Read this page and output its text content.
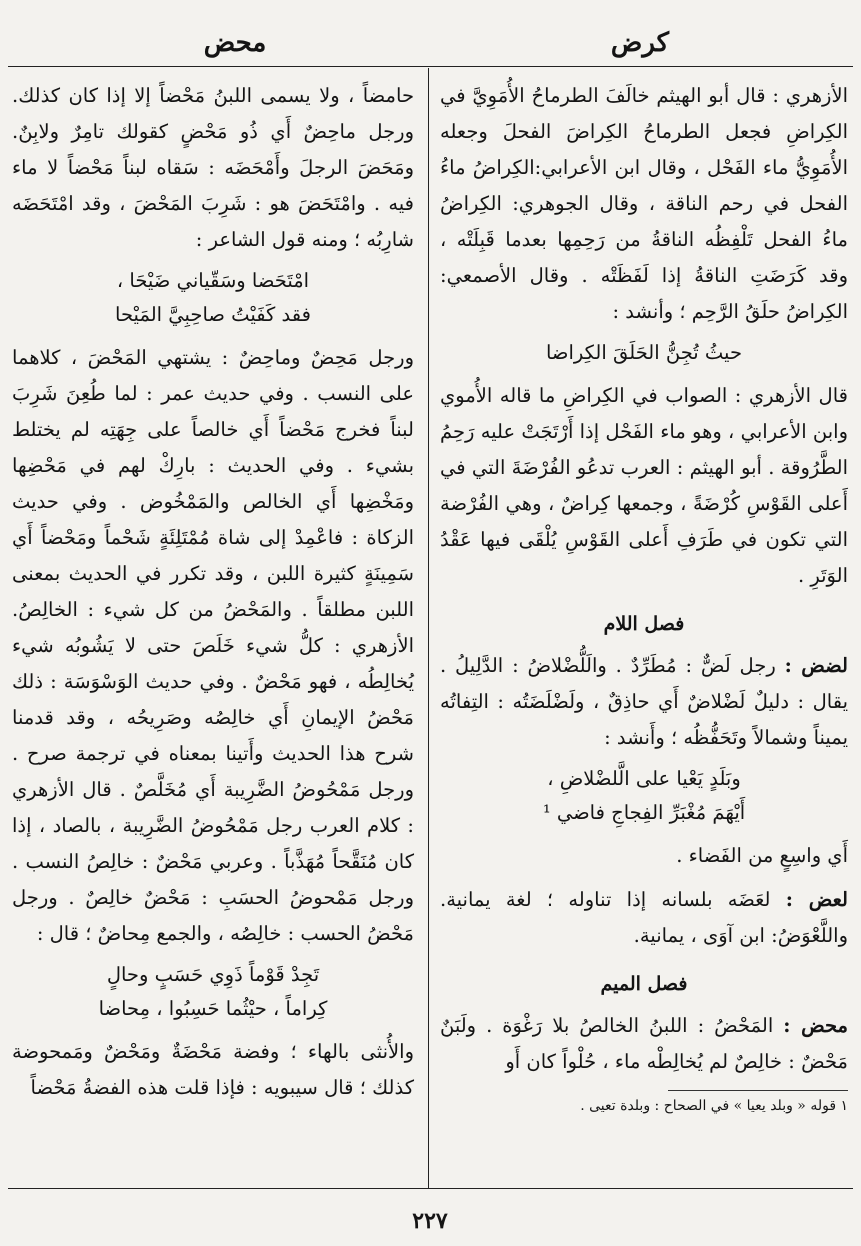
كرض
محض

الأزهري : قال أبو الهيثم خالَفَ الطرماحُ الأُمَوِيَّ في الكِراضِ فجعل الطرماحُ الكِراضَ الفحلَ وجعله الأُمَوِيُّ ماء الفَحْل ، وقال ابن الأعرابي:الكِراضُ ماءُ الفحل في رحم الناقة ، وقال الجوهري: الكِراضُ ماءُ الفحل تَلْفِظُه الناقةُ من رَحِمِها بعدما قَبِلَتْه ، وقد كَرَضَتِ الناقةُ إذا لَفَظَتْه . وقال الأصمعي: الكِراضُ حلَقُ الرَّحِم ؛ وأنشد :

حيثُ تُجِنُّ الحَلَقَ الكِراضا

قال الأزهري : الصواب في الكِراضِ ما قاله الأُموي وابن الأعرابي ، وهو ماء الفَحْل إذا أَرْتَجَتْ عليه رَحِمُ الطَّرُوقة . أبو الهيثم : العرب تدعُو الفُرْضَةَ التي في أَعلى القَوْسِ كُرْضَةً ، وجمعها كِراضٌ ، وهي الفُرْضة التي تكون في طَرَفِ أَعلى القَوْسِ يُلْقَى فيها عَقْدُ الوَتَرِ .

فصل اللام

لضض : رجل لَضٌّ : مُطَرِّدٌ . والَلُّضْلاضُ : الدَّلِيلُ . يقال : دليلٌ لَضْلاضٌ أَي حاذِقٌ ، ولَضْلَضَتُه : التِفاتُه يميناً وشمالاً وتَحَفُّظُه ؛ وأَنشد :

وبَلَدٍ يَعْيا على الَّلضْلاضِ ،
أَيْهَمَ مُغْبَرِّ الفِجاجِ فاضي ¹

أَي واسِعٍ من الفَضاء .

لعض : لعَضَه بلسانه إذا تناوله ؛ لغة يمانية. واللَّعْوَضُ: ابن آوَى ، يمانية.

فصل الميم

محض : المَحْضُ : اللبنُ الخالصُ بلا رَغْوَة . ولَبَنٌ مَحْضٌ : خالِصٌ لم يُخالِطْه ماء ، حُلْواً كان أَو

١ قوله « وبلد يعيا » في الصحاح : وبلدة تعيى .

حامضاً ، ولا يسمى اللبنُ مَحْضاً إلا إذا كان كذلك. ورجل ماحِضٌ أَي ذُو مَحْضٍ كقولك تامِرٌ ولابِنٌ. ومَحَضَ الرجلَ وأَمْحَضَه : سَقاه لبناً مَحْضاً لا ماء فيه . وامْتَحَضَ هو : شَرِبَ المَحْضَ ، وقد امْتَحَضَه شارِبُه ؛ ومنه قول الشاعر :

امْتَحَضا وسَقّياني ضَيْحَا ،
فقد كَفَيْتُ صاحِبِيَّ المَيْحا

ورجل مَحِضٌ وماحِضٌ : يشتهي المَحْضَ ، كلاهما على النسب . وفي حديث عمر : لما طُعِنَ شَرِبَ لبناً فخرج مَحْضاً أَي خالصاً على جِهَتِه لم يختلط بشيء . وفي الحديث : بارِكْ لهم في مَحْضِها ومَخْضِها أَي الخالص والمَمْخُوض . وفي حديث الزكاة : فاعْمِدْ إلى شاة مُمْتَلِئَةٍ شَحْماً ومَحْضاً أَي سَمِينَةٍ كثيرة اللبن ، وقد تكرر في الحديث بمعنى اللبن مطلقاً . والمَحْضُ من كل شيء : الخالِصُ. الأزهري : كلُّ شيء خَلَصَ حتى لا يَشُوبُه شيء يُخالِطُه ، فهو مَحْضٌ . وفي حديث الوَسْوَسَة : ذلك مَحْضُ الإيمانِ أَي خالِصُه وصَرِيحُه ، وقد قدمنا شرح هذا الحديث وأَتينا بمعناه في ترجمة صرح . ورجل مَمْحُوضُ الضَّرِيبة أَي مُخَلَّصٌ . قال الأزهري : كلام العرب رجل مَمْحُوضُ الضَّرِيبة ، بالصاد ، إذا كان مُنَقَّحاً مُهَذَّباً . وعربي مَحْضٌ : خالِصُ النسب . ورجل مَمْحوضُ الحسَبِ : مَحْضٌ خالِصٌ . ورجل مَحْضُ الحسب : خالِصُه ، والجمع مِحاضٌ ؛ قال :

تَجِدْ قَوْماً ذَوِي حَسَبٍ وحالٍ
كِراماً ، حيْثُما حَسِبُوا ، مِحاضا

والأُنثى بالهاء ؛ وفضة مَحْضَةٌ ومَحْضٌ ومَمحوضة كذلك ؛ قال سيبويه : فإذا قلت هذه الفضةُ مَحْضاً

٢٢٧
